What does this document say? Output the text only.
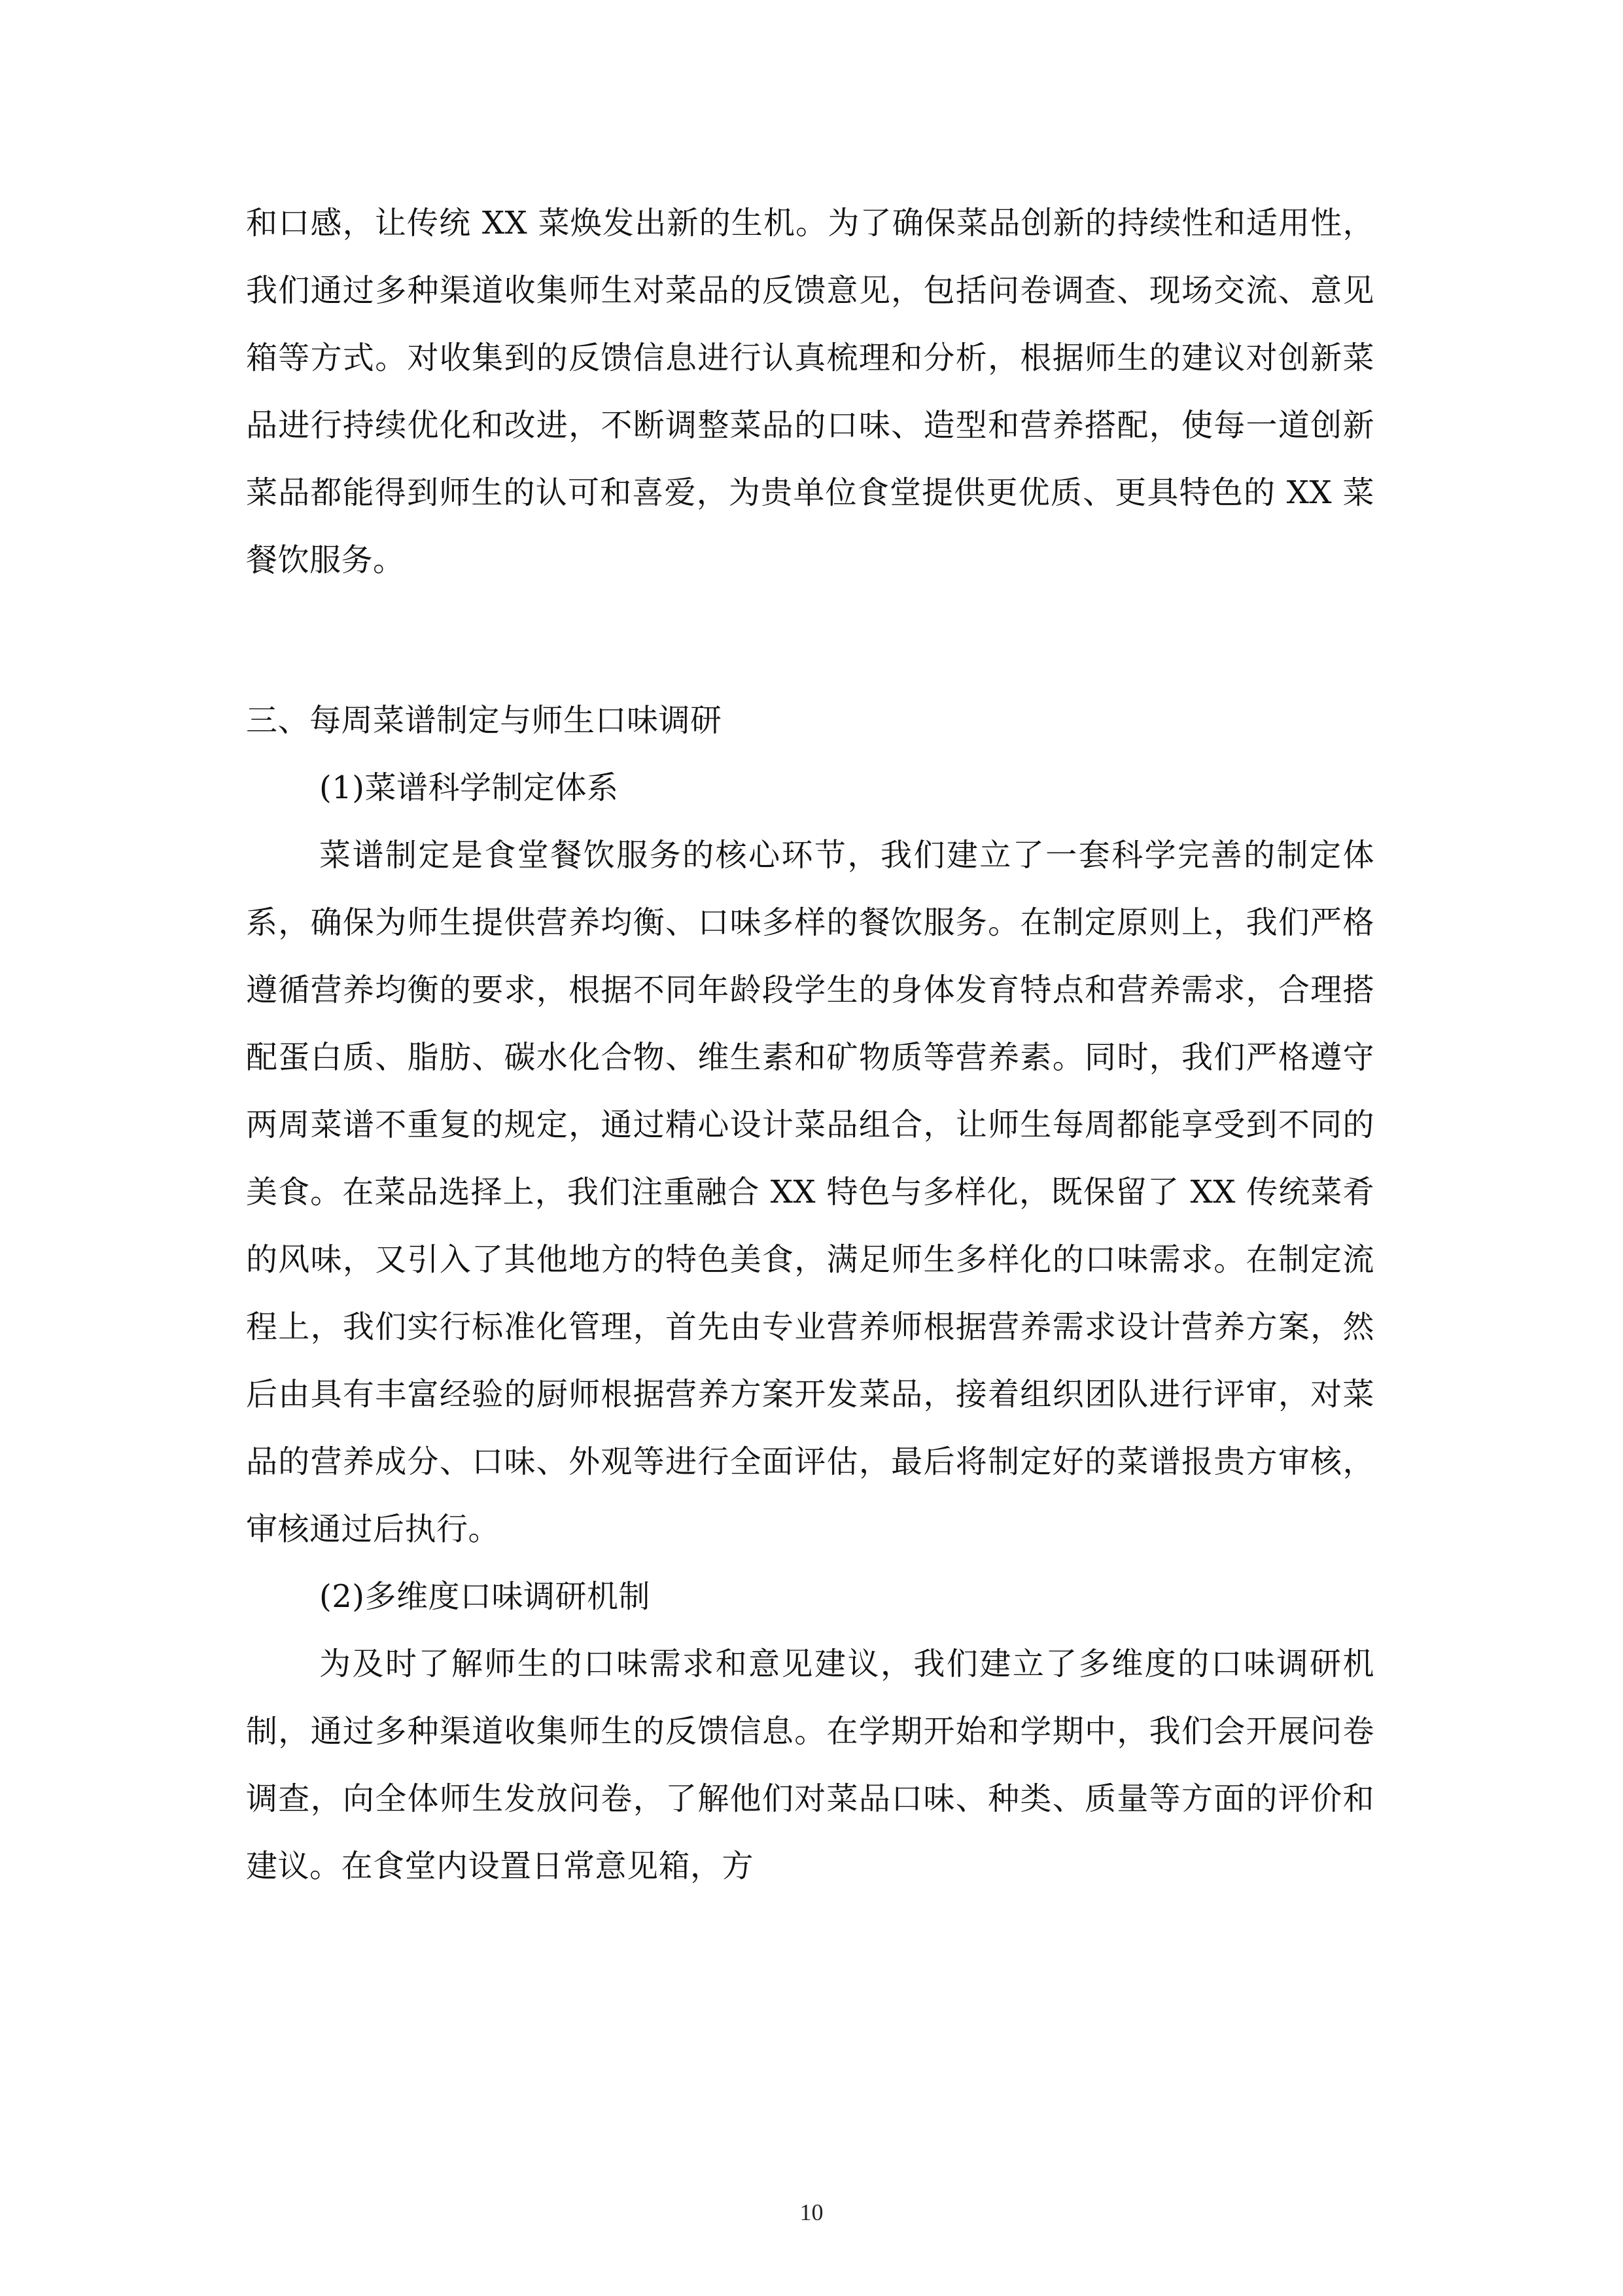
和口感，让传统 XX 菜焕发出新的生机。为了确保菜品创新的持续性和适用性，我们通过多种渠道收集师生对菜品的反馈意见，包括问卷调查、现场交流、意见箱等方式。对收集到的反馈信息进行认真梳理和分析，根据师生的建议对创新菜品进行持续优化和改进，不断调整菜品的口味、造型和营养搭配，使每一道创新菜品都能得到师生的认可和喜爱，为贵单位食堂提供更优质、更具特色的 XX 菜餐饮服务。

三、每周菜谱制定与师生口味调研

(1)菜谱科学制定体系

菜谱制定是食堂餐饮服务的核心环节，我们建立了一套科学完善的制定体系，确保为师生提供营养均衡、口味多样的餐饮服务。在制定原则上，我们严格遵循营养均衡的要求，根据不同年龄段学生的身体发育特点和营养需求，合理搭配蛋白质、脂肪、碳水化合物、维生素和矿物质等营养素。同时，我们严格遵守两周菜谱不重复的规定，通过精心设计菜品组合，让师生每周都能享受到不同的美食。在菜品选择上，我们注重融合 XX 特色与多样化，既保留了 XX 传统菜肴的风味，又引入了其他地方的特色美食，满足师生多样化的口味需求。在制定流程上，我们实行标准化管理，首先由专业营养师根据营养需求设计营养方案，然后由具有丰富经验的厨师根据营养方案开发菜品，接着组织团队进行评审，对菜品的营养成分、口味、外观等进行全面评估，最后将制定好的菜谱报贵方审核，审核通过后执行。

(2)多维度口味调研机制

为及时了解师生的口味需求和意见建议，我们建立了多维度的口味调研机制，通过多种渠道收集师生的反馈信息。在学期开始和学期中，我们会开展问卷调查，向全体师生发放问卷，了解他们对菜品口味、种类、质量等方面的评价和建议。在食堂内设置日常意见箱，方

10
